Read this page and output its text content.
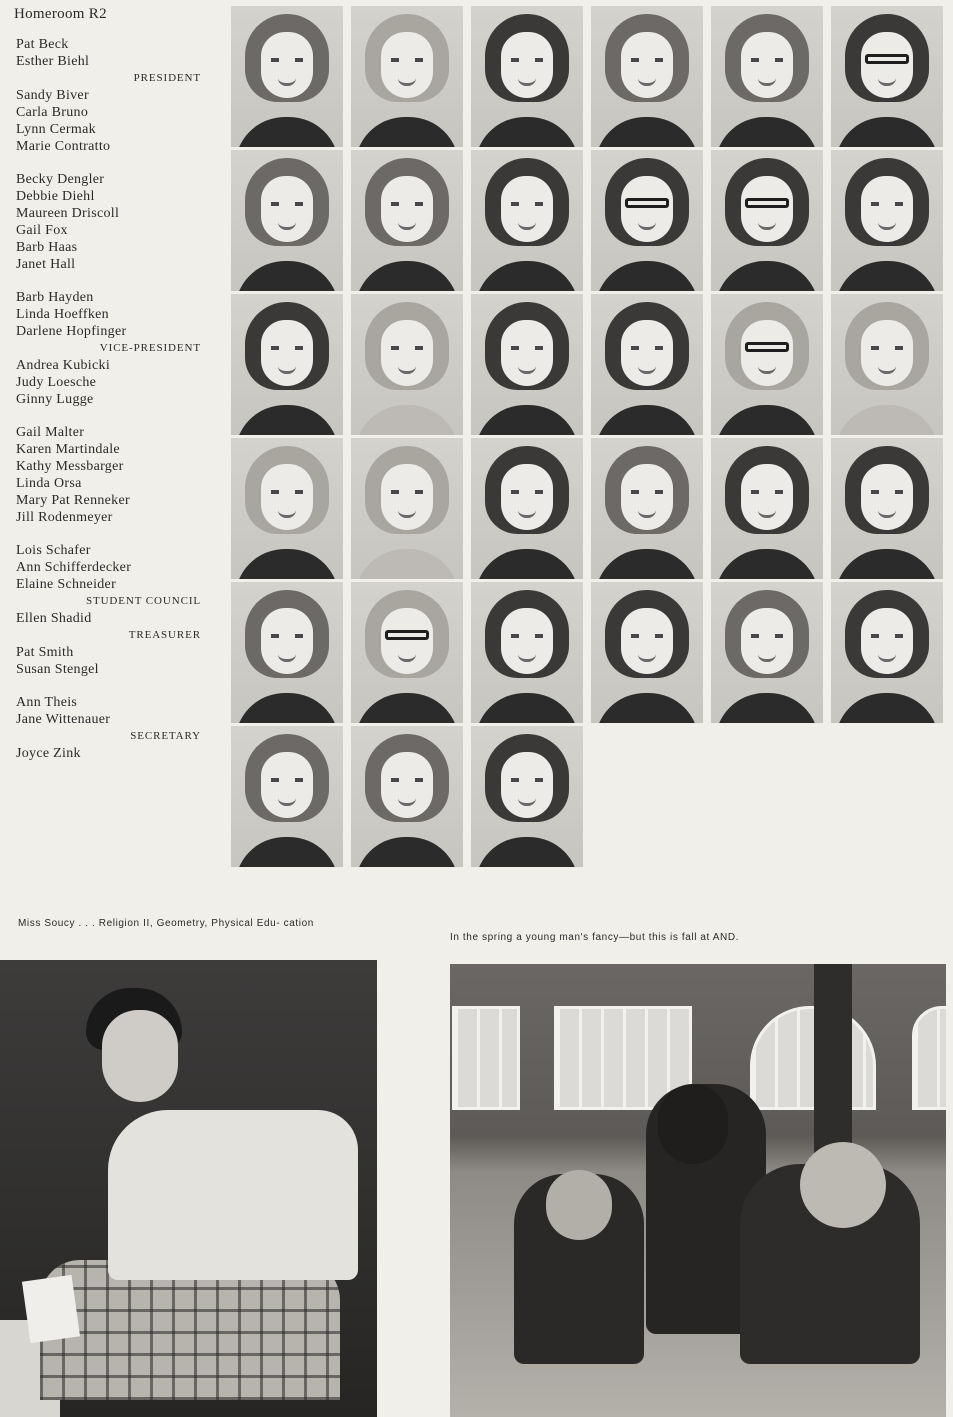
Homeroom R2
Pat Beck
Esther Biehl
PRESIDENT
Sandy Biver
Carla Bruno
Lynn Cermak
Marie Contratto
Becky Dengler
Debbie Diehl
Maureen Driscoll
Gail Fox
Barb Haas
Janet Hall
Barb Hayden
Linda Hoeffken
Darlene Hopfinger
VICE-PRESIDENT
Andrea Kubicki
Judy Loesche
Ginny Lugge
Gail Malter
Karen Martindale
Kathy Messbarger
Linda Orsa
Mary Pat Renneker
Jill Rodenmeyer
Lois Schafer
Ann Schifferdecker
Elaine Schneider
STUDENT COUNCIL
Ellen Shadid
TREASURER
Pat Smith
Susan Stengel
Ann Theis
Jane Wittenauer
SECRETARY
Joyce Zink
Miss Soucy . . . Religion II, Geometry, Physical Edu- cation
In the spring a young man's fancy—but this is fall at AND.
